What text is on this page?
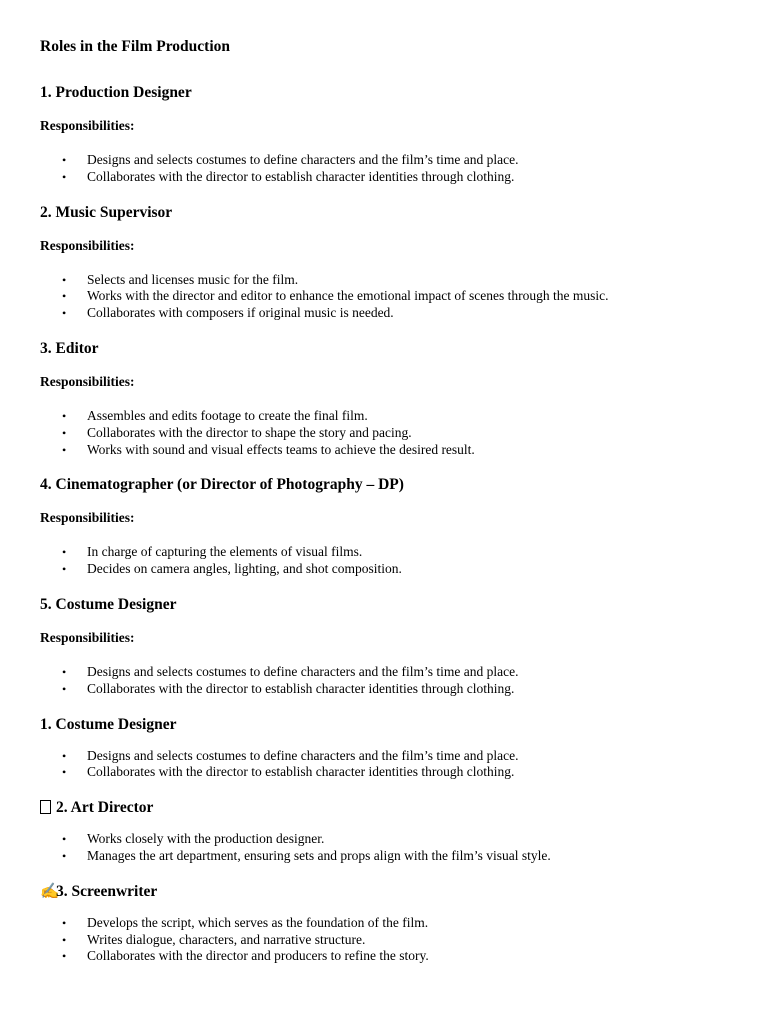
Roles in the Film Production
1. Production Designer
Responsibilities:
• Designs and selects costumes to define characters and the film’s time and place.
• Collaborates with the director to establish character identities through clothing.
2. Music Supervisor
Responsibilities:
• Selects and licenses music for the film.
• Works with the director and editor to enhance the emotional impact of scenes through the music.
• Collaborates with composers if original music is needed.
3. Editor
Responsibilities:
• Assembles and edits footage to create the final film.
• Collaborates with the director to shape the story and pacing.
• Works with sound and visual effects teams to achieve the desired result.
4. Cinematographer (or Director of Photography – DP)
Responsibilities:
• In charge of capturing the elements of visual films.
• Decides on camera angles, lighting, and shot composition.
5. Costume Designer
Responsibilities:
• Designs and selects costumes to define characters and the film’s time and place.
• Collaborates with the director to establish character identities through clothing.
1. Costume Designer
• Designs and selects costumes to define characters and the film’s time and place.
• Collaborates with the director to establish character identities through clothing.
2. Art Director
• Works closely with the production designer.
• Manages the art department, ensuring sets and props align with the film’s visual style.
✍3. Screenwriter
• Develops the script, which serves as the foundation of the film.
• Writes dialogue, characters, and narrative structure.
• Collaborates with the director and producers to refine the story.
